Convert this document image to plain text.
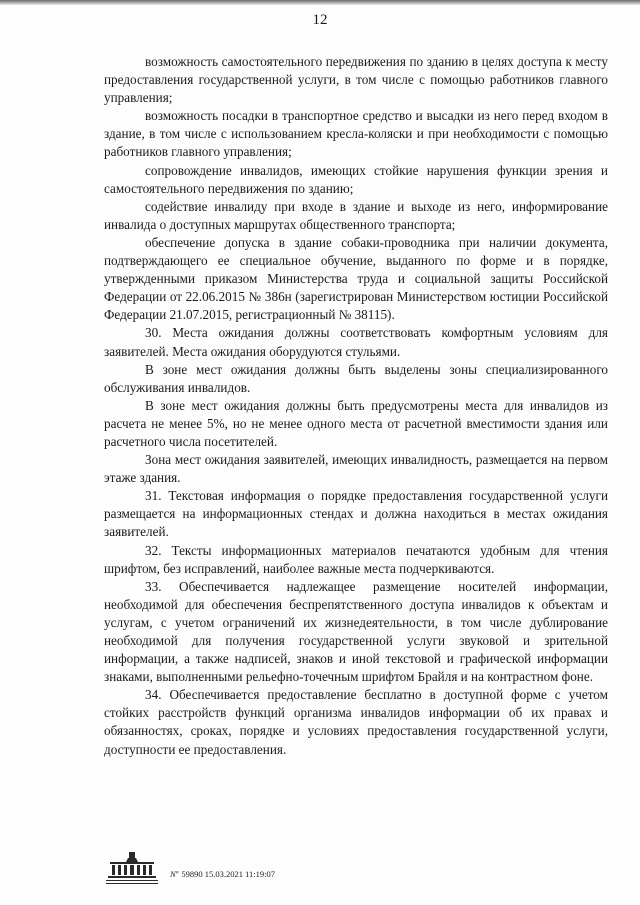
12

возможность самостоятельного передвижения по зданию в целях доступа к месту предоставления государственной услуги, в том числе с помощью работников главного управления;

возможность посадки в транспортное средство и высадки из него перед входом в здание, в том числе с использованием кресла-коляски и при необходимости с помощью работников главного управления;

сопровождение инвалидов, имеющих стойкие нарушения функции зрения и самостоятельного передвижения по зданию;

содействие инвалиду при входе в здание и выходе из него, информирование инвалида о доступных маршрутах общественного транспорта;

обеспечение допуска в здание собаки-проводника при наличии документа, подтверждающего ее специальное обучение, выданного по форме и в порядке, утвержденными приказом Министерства труда и социальной защиты Российской Федерации от 22.06.2015 № 386н (зарегистрирован Министерством юстиции Российской Федерации 21.07.2015, регистрационный № 38115).

30. Места ожидания должны соответствовать комфортным условиям для заявителей. Места ожидания оборудуются стульями.

В зоне мест ожидания должны быть выделены зоны специализированного обслуживания инвалидов.

В зоне мест ожидания должны быть предусмотрены места для инвалидов из расчета не менее 5%, но не менее одного места от расчетной вместимости здания или расчетного числа посетителей.

Зона мест ожидания заявителей, имеющих инвалидность, размещается на первом этаже здания.

31. Текстовая информация о порядке предоставления государственной услуги размещается на информационных стендах и должна находиться в местах ожидания заявителей.

32. Тексты информационных материалов печатаются удобным для чтения шрифтом, без исправлений, наиболее важные места подчеркиваются.

33. Обеспечивается надлежащее размещение носителей информации, необходимой для обеспечения беспрепятственного доступа инвалидов к объектам и услугам, с учетом ограничений их жизнедеятельности, в том числе дублирование необходимой для получения государственной услуги звуковой и зрительной информации, а также надписей, знаков и иной текстовой и графической информации знаками, выполненными рельефно-точечным шрифтом Брайля и на контрастном фоне.

34. Обеспечивается предоставление бесплатно в доступной форме с учетом стойких расстройств функций организма инвалидов информации об их правах и обязанностях, сроках, порядке и условиях предоставления государственной услуги, доступности ее предоставления.

Nº 59890 15.03.2021 11:19:07
